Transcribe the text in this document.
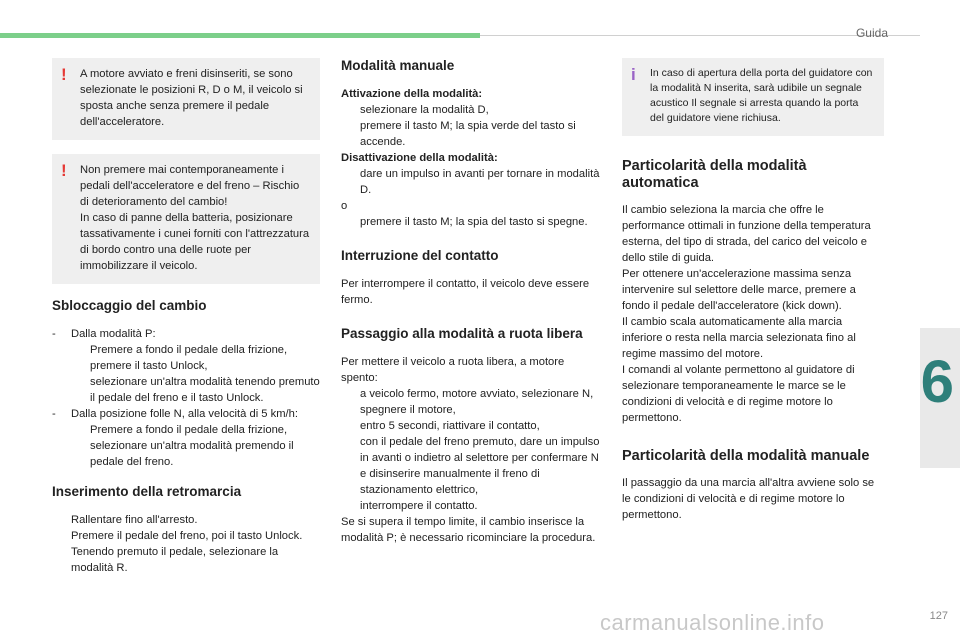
Guida
6
carmanualsonline.info	127
! A motore avviato e freni disinseriti, se sono selezionate le posizioni R, D o M, il veicolo si sposta anche senza premere il pedale dell'acceleratore.

! Non premere mai contemporaneamente i pedali dell'acceleratore e del freno – Rischio di deterioramento del cambio!

In caso di panne della batteria, posizionare tassativamente i cunei forniti con l'attrezzatura di bordo contro una delle ruote per immobilizzare il veicolo.

Sbloccaggio del cambio

- Dalla modalità P:

Premere a fondo il pedale della frizione,

premere il tasto Unlock,

selezionare un'altra modalità tenendo premuto il pedale del freno e il tasto Unlock.

- Dalla posizione folle N, alla velocità di 5 km/h:

Premere a fondo il pedale della frizione,

selezionare un'altra modalità premendo il pedale del freno.

Inserimento della retromarcia

Rallentare fino all'arresto.

Premere il pedale del freno, poi il tasto Unlock.

Tenendo premuto il pedale, selezionare la modalità R.

Modalità manuale
Attivazione della modalità:

selezionare la modalità D,

premere il tasto M; la spia verde del tasto si accende.

Disattivazione della modalità:

dare un impulso in avanti per tornare in modalità D.

o

premere il tasto M; la spia del tasto si spegne.

Interruzione del contatto

Per interrompere il contatto, il veicolo deve essere fermo.

Passaggio alla modalità a ruota libera

Per mettere il veicolo a ruota libera, a motore spento:

a veicolo fermo, motore avviato, selezionare N,

spegnere il motore,

entro 5 secondi, riattivare il contatto,

con il pedale del freno premuto, dare un impulso in avanti o indietro al selettore per confermare N e disinserire manualmente il freno di stazionamento elettrico,

interrompere il contatto.

Se si supera il tempo limite, il cambio inserisce la modalità P; è necessario ricominciare la procedura.

i In caso di apertura della porta del guidatore con la modalità N inserita, sarà udibile un segnale acustico Il segnale si arresta quando la porta del guidatore viene richiusa.

Particolarità della modalità automatica

Il cambio seleziona la marcia che offre le performance ottimali in funzione della temperatura esterna, del tipo di strada, del carico del veicolo e dello stile di guida.

Per ottenere un'accelerazione massima senza intervenire sul selettore delle marce, premere a fondo il pedale dell'acceleratore (kick down).

Il cambio scala automaticamente alla marcia inferiore o resta nella marcia selezionata fino al regime massimo del motore.

I comandi al volante permettono al guidatore di selezionare temporaneamente le marce se le condizioni di velocità e di regime motore lo permettono.

Particolarità della modalità manuale

Il passaggio da una marcia all'altra avviene solo se le condizioni di velocità e di regime motore lo permettono.
